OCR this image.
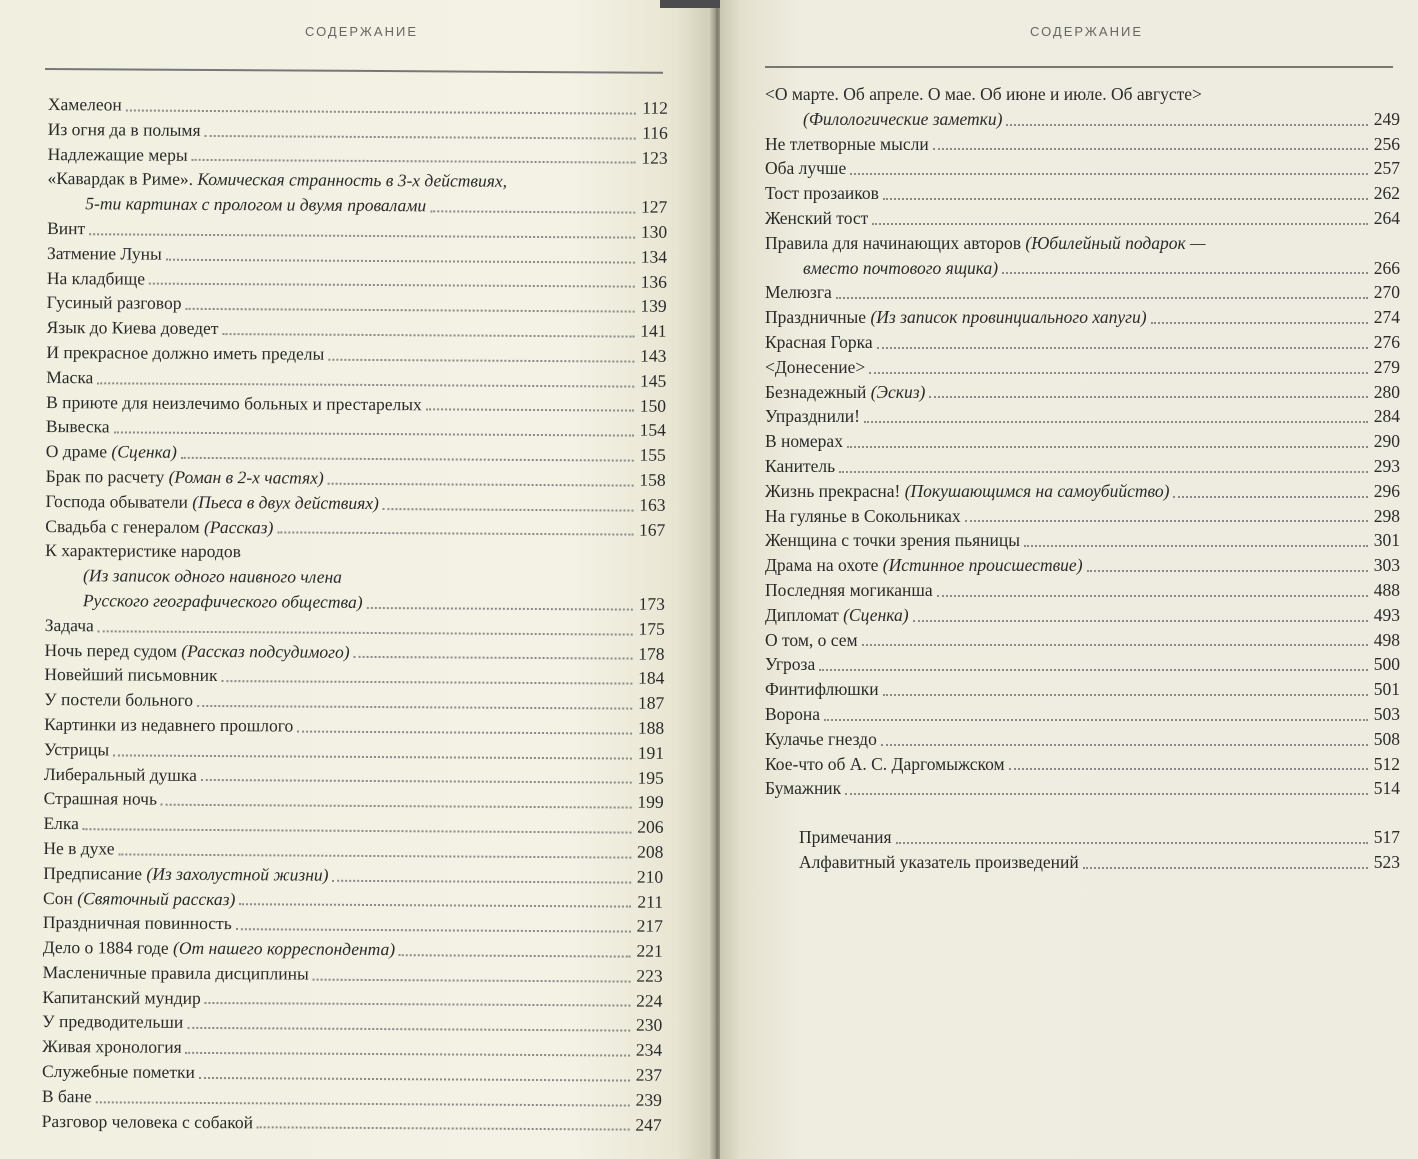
СОДЕРЖАНИЕ
Хамелеон	112
Из огня да в полымя	116
Надлежащие меры	123
«Кавардак в Риме». Комическая странность в 3-х действиях,
5-ти картинах с прологом и двумя провалами	127
Винт	130
Затмение Луны	134
На кладбище	136
Гусиный разговор	139
Язык до Киева доведет	141
И прекрасное должно иметь пределы	143
Маска	145
В приюте для неизлечимо больных и престарелых	150
Вывеска	154
О драме (Сценка)	155
Брак по расчету (Роман в 2-х частях)	158
Господа обыватели (Пьеса в двух действиях)	163
Свадьба с генералом (Рассказ)	167
К характеристике народов
(Из записок одного наивного члена
Русского географического общества)	173
Задача	175
Ночь перед судом (Рассказ подсудимого)	178
Новейший письмовник	184
У постели больного	187
Картинки из недавнего прошлого	188
Устрицы	191
Либеральный душка	195
Страшная ночь	199
Елка	206
Не в духе	208
Предписание (Из захолустной жизни)	210
Сон (Святочный рассказ)	211
Праздничная повинность	217
Дело о 1884 годе (От нашего корреспондента)	221
Масленичные правила дисциплины	223
Капитанский мундир	224
У предводительши	230
Живая хронология	234
Служебные пометки	237
В бане	239
Разговор человека с собакой	247
СОДЕРЖАНИЕ
<О марте. Об апреле. О мае. Об июне и июле. Об августе>
(Филологические заметки)	249
Не тлетворные мысли	256
Оба лучше	257
Тост прозаиков	262
Женский тост	264
Правила для начинающих авторов (Юбилейный подарок —
вместо почтового ящика)	266
Мелюзга	270
Праздничные (Из записок провинциального хапуги)	274
Красная Горка	276
<Донесение>	279
Безнадежный (Эскиз)	280
Упразднили!	284
В номерах	290
Канитель	293
Жизнь прекрасна! (Покушающимся на самоубийство)	296
На гулянье в Сокольниках	298
Женщина с точки зрения пьяницы	301
Драма на охоте (Истинное происшествие)	303
Последняя могиканша	488
Дипломат (Сценка)	493
О том, о сем	498
Угроза	500
Финтифлюшки	501
Ворона	503
Кулачье гнездо	508
Кое-что об А. С. Даргомыжском	512
Бумажник	514
Примечания	517
Алфавитный указатель произведений	523
